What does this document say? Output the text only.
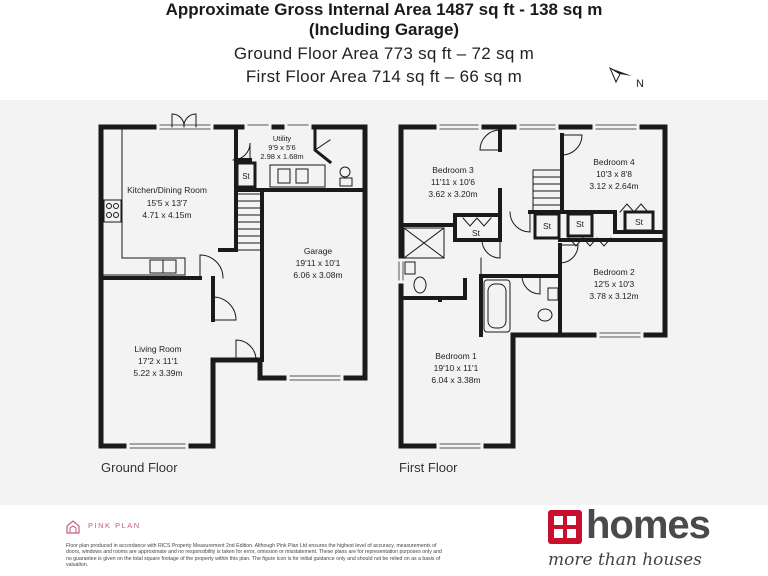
Approximate Gross Internal Area 1487 sq ft - 138 sq m
(Including Garage)
Ground Floor Area 773 sq ft – 72 sq m
First Floor Area 714 sq ft – 66 sq m	N
Kitchen/Dining Room
15'5 x 13'7
4.71 x 4.15m
Utility
9'9 x 5'6
2.98 x 1.68m
St
Living Room
17'2 x 11'1
5.22 x 3.39m
Garage
19'11 x 10'1
6.06 x 3.08m
Bedroom 3
11'11 x 10'6
3.62 x 3.20m
Bedroom 4
10'3 x 8'8
3.12 x 2.64m
Bedroom 2
12'5 x 10'3
3.78 x 3.12m
Bedroom 1
19'10 x 11'1
6.04 x 3.38m
St
St	St	St
Ground Floor	First Floor
PINK PLAN
Floor plan produced in accordance with RICS Property Measurement 2nd Edition. Although Pink Plan Ltd ensures the highest level of accuracy, measurements of doors, windows and rooms are approximate and no responsibility is taken for error, omission or misstatement. These plans are for representation purposes only and no guarantee is given on the total square footage of the property within this plan. The figure icon is for initial guidance only and should not be relied on as a basis of valuation.
homes
more than houses
